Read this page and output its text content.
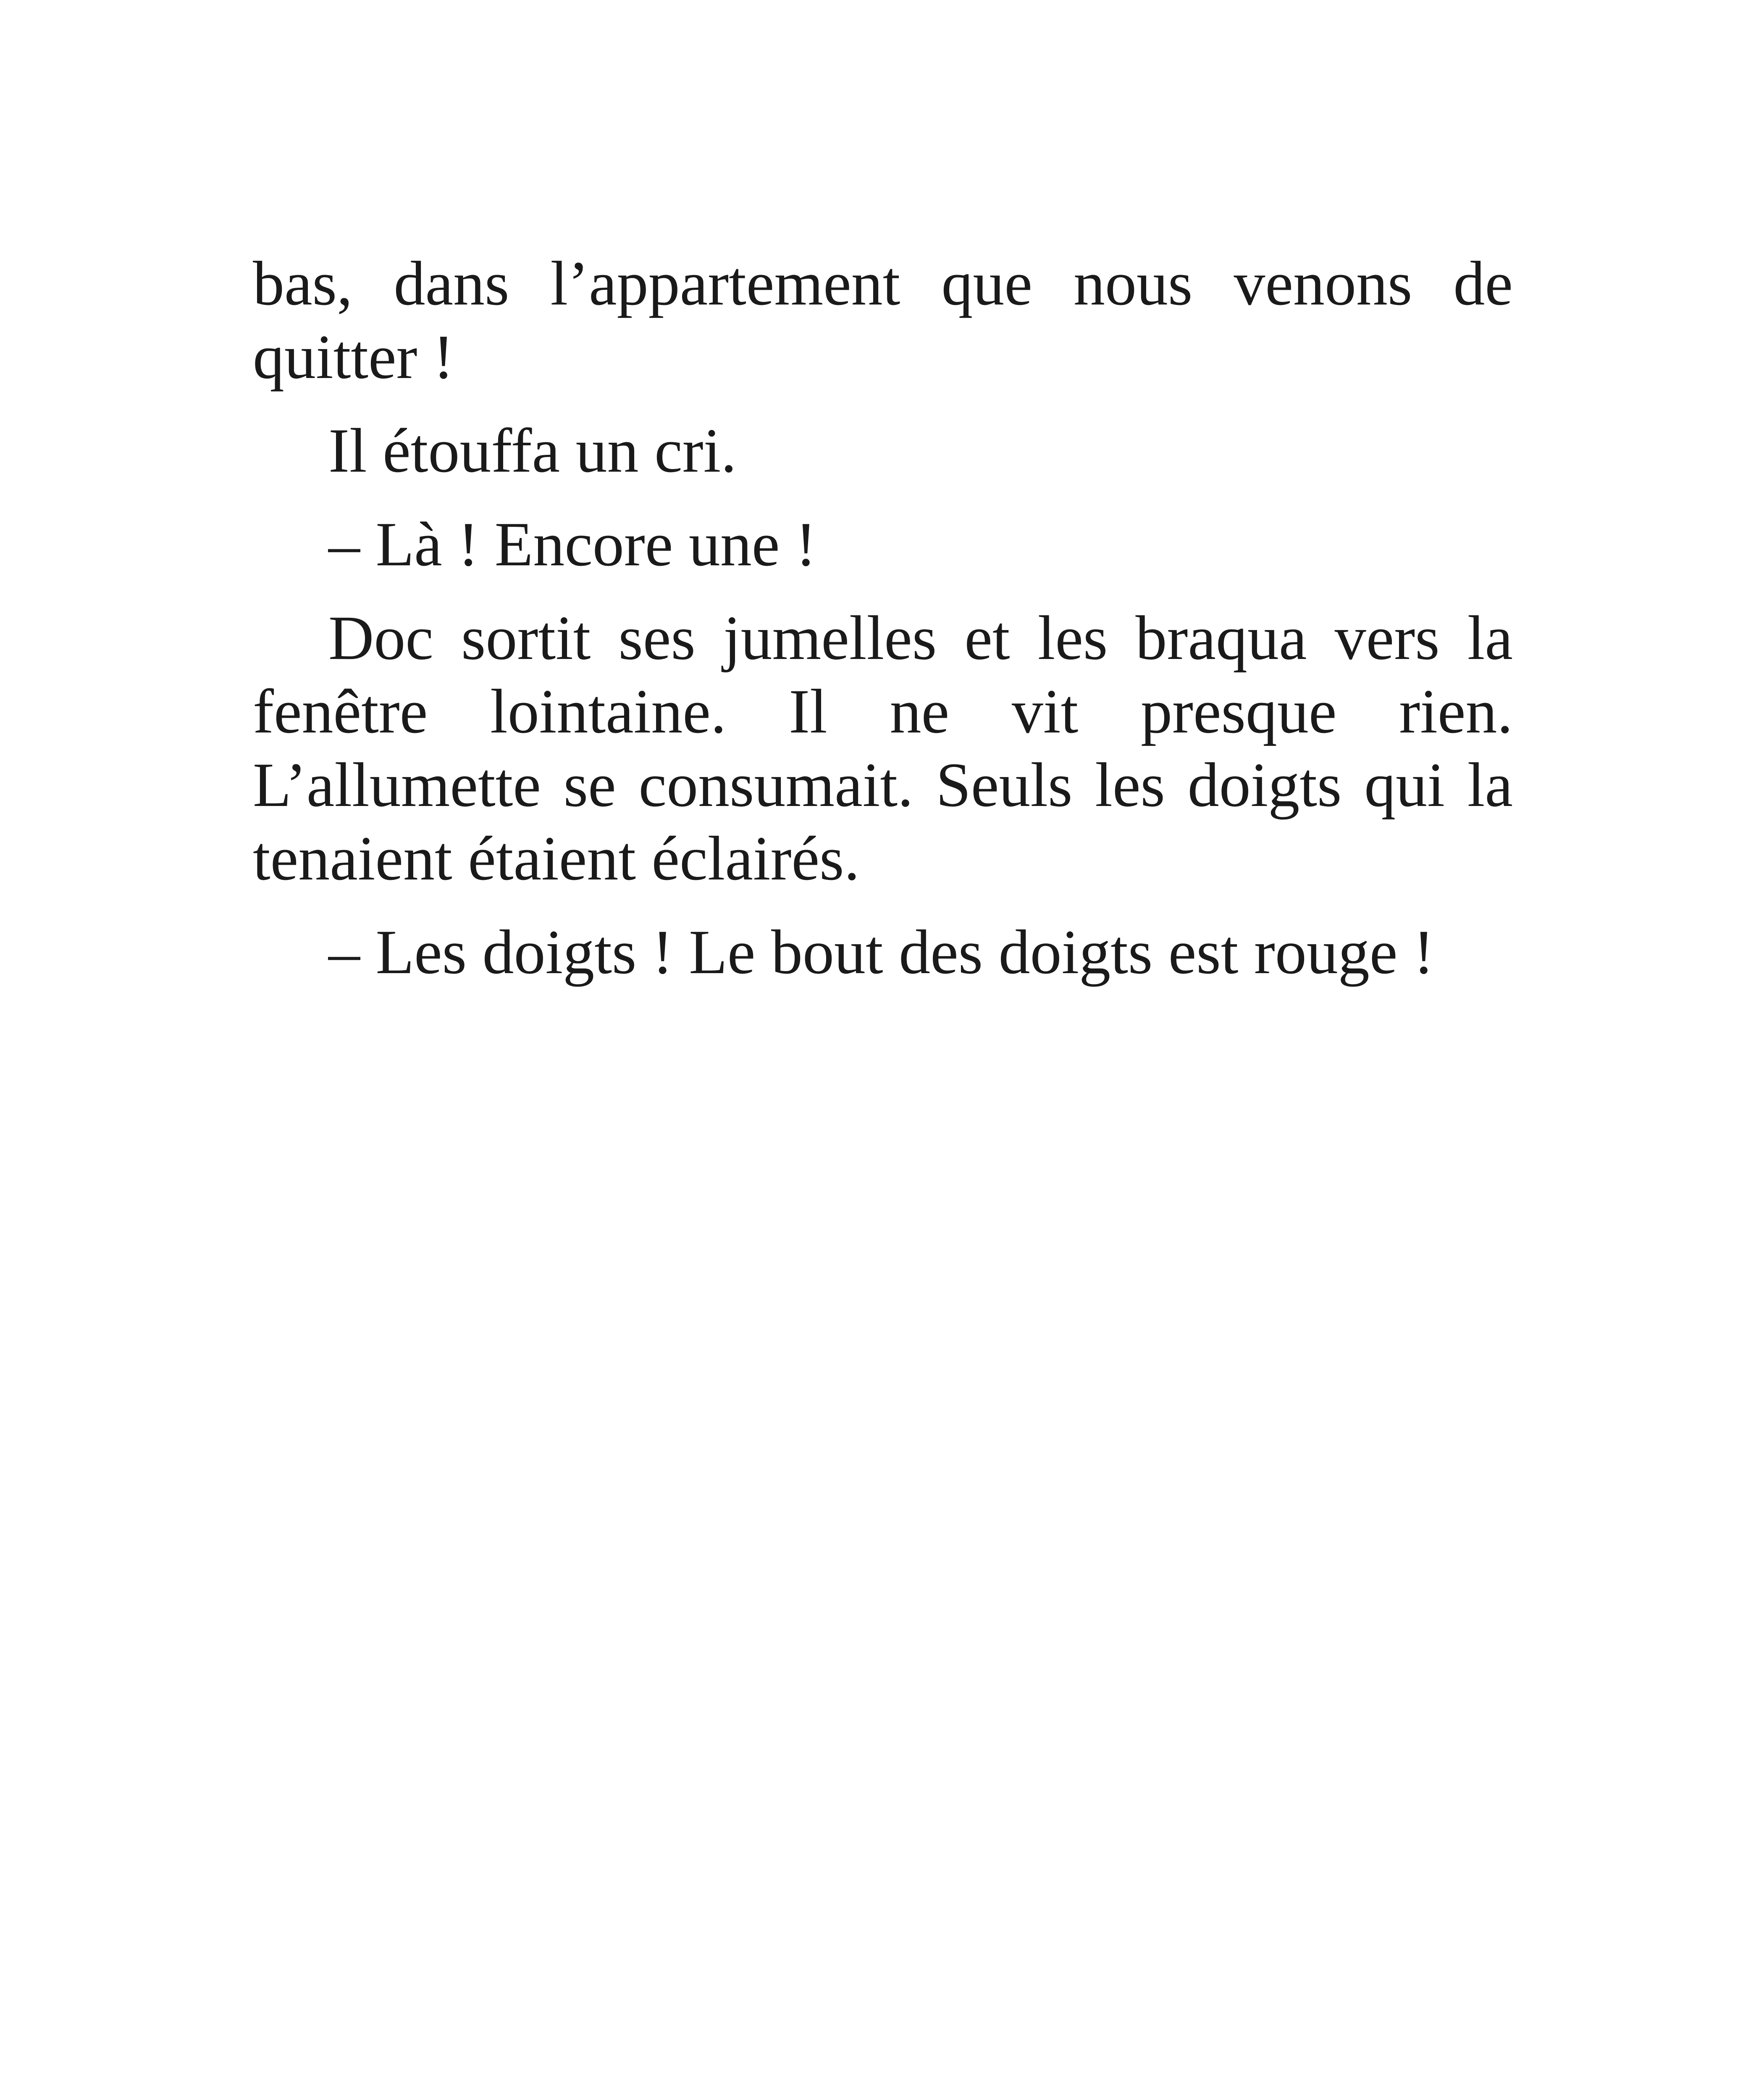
bas, dans l’appartement que nous venons de quitter !

Il étouffa un cri.

– Là ! Encore une !

Doc sortit ses jumelles et les braqua vers la fenêtre lointaine. Il ne vit presque rien. L’allumette se consumait. Seuls les doigts qui la tenaient étaient éclairés.

– Les doigts ! Le bout des doigts est rouge !
